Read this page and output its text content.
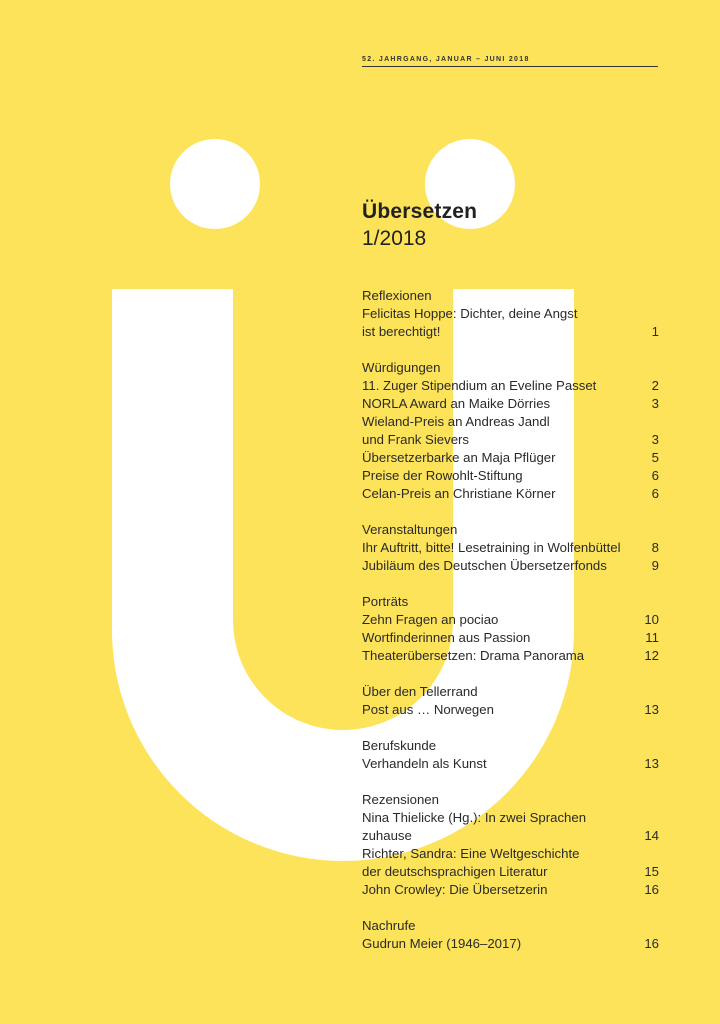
52. JAHRGANG, JANUAR – JUNI 2018
Übersetzen
1/2018
Reflexionen
Felicitas Hoppe: Dichter, deine Angst
ist berechtigt!	1
Würdigungen
11. Zuger Stipendium an Eveline Passet	2
NORLA Award an Maike Dörries	3
Wieland-Preis an Andreas Jandl
und Frank Sievers	3
Übersetzerbarke an Maja Pflüger	5
Preise der Rowohlt-Stiftung	6
Celan-Preis an Christiane Körner	6
Veranstaltungen
Ihr Auftritt, bitte! Lesetraining in Wolfenbüttel 8
Jubiläum des Deutschen Übersetzerfonds	9
Porträts
Zehn Fragen an pociao	10
Wortfinderinnen aus Passion	11
Theaterübersetzen: Drama Panorama	12
Über den Tellerrand
Post aus … Norwegen	13
Berufskunde
Verhandeln als Kunst	13
Rezensionen
Nina Thielicke (Hg.): In zwei Sprachen
zuhause	14
Richter, Sandra: Eine Weltgeschichte
der deutschsprachigen Literatur	15
John Crowley: Die Übersetzerin	16
Nachrufe
Gudrun Meier (1946–2017)	16
